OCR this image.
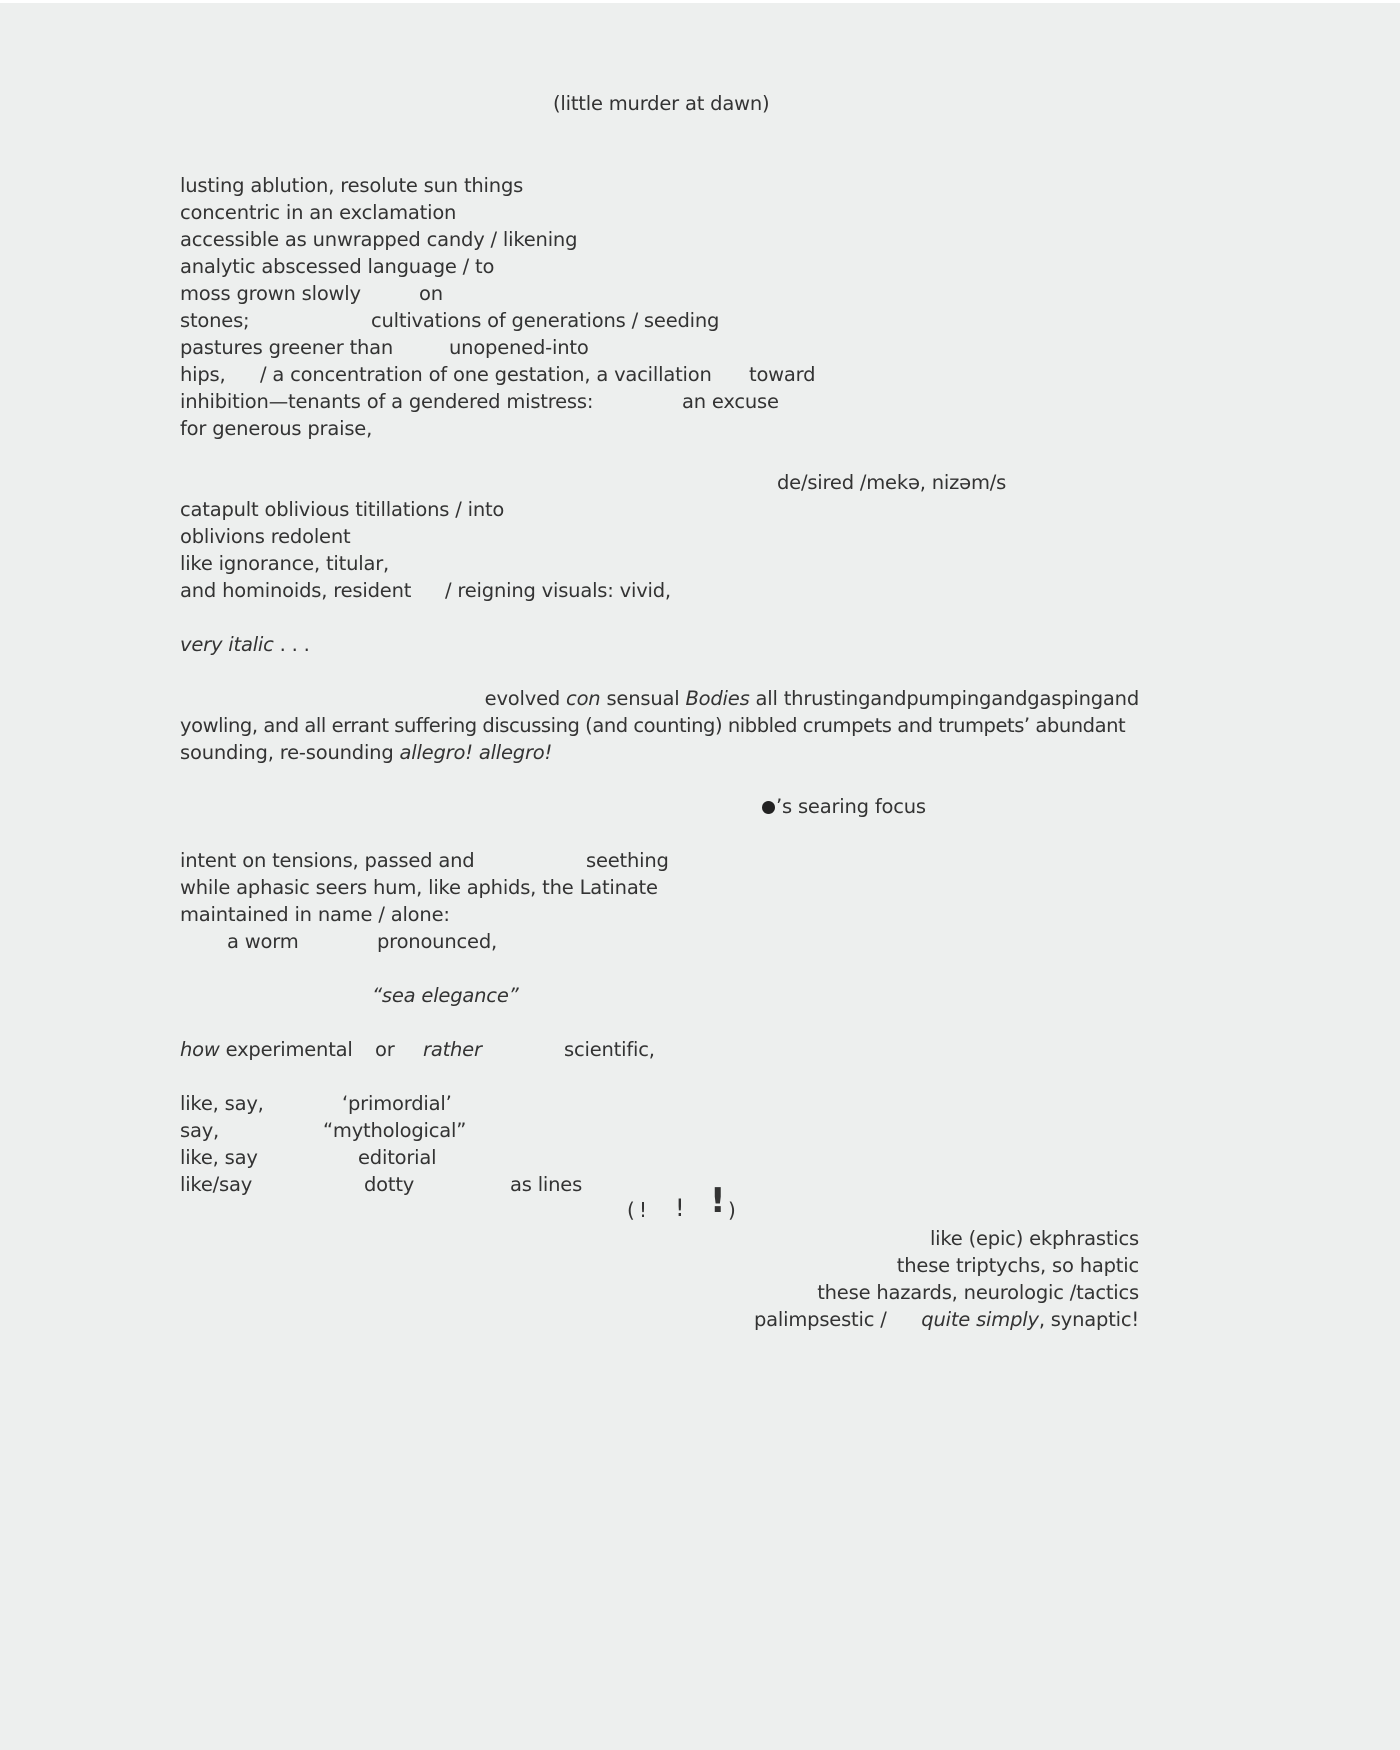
(little murder at dawn)
lusting ablution, resolute sun things
concentric in an exclamation
accessible as unwrapped candy / likening
analytic abscessed language / to
moss grown slowly	on
stones;	cultivations of generations / seeding
pastures greener than	unopened-into
hips, / a concentration of one gestation, a vacillation toward
inhibition—tenants of a gendered mistress:	an excuse
for generous praise,
de/sired /mekə, nizəm/s
catapult oblivious titillations / into
oblivions redolent
like ignorance, titular,
and hominoids, resident / reigning visuals: vivid,
very italic . . .
evolved con sensual Bodies all thrustingandpumpingandgaspingand
yowling, and all errant suffering discussing (and counting) nibbled crumpets and trumpets’ abundant
sounding, re-sounding allegro! allegro!
’s searing focus
intent on tensions, passed and	seething
while aphasic seers hum, like aphids, the Latinate
maintained in name / alone:
a worm	pronounced,
“sea elegance”
how experimental or rather	scientific,
like, say,	‘primordial’
say,	“mythological”
like, say	editorial
like/say	dotty	as lines
( ! ! ! )
like (epic) ekphrastics
these triptychs, so haptic
these hazards, neurologic /tactics
palimpsestic /	quite simply, synaptic!
